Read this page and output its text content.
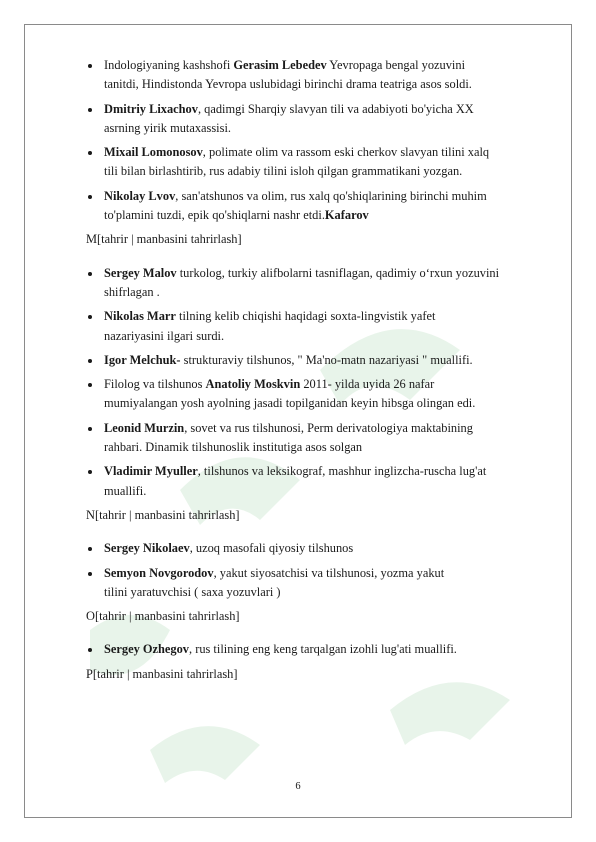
Indologiyaning kashshofi Gerasim Lebedev Yevropaga bengal yozuvini
tanitdi, Hindistonda Yevropa uslubidagi birinchi drama teatriga asos soldi.
Dmitriy Lixachov, qadimgi Sharqiy slavyan tili va adabiyoti bo'yicha XX
asrning yirik mutaxassisi.
Mixail Lomonosov, polimate olim va rassom eski cherkov slavyan tilini xalq
tili bilan birlashtirib, rus adabiy tilini isloh qilgan grammatikani yozgan.
Nikolay Lvov, san'atshunos va olim, rus xalq qo'shiqlarining birinchi muhim
to'plamini tuzdi, epik qo'shiqlarni nashr etdi.Kafarov
M[tahrir | manbasini tahrirlash]
Sergey Malov turkolog, turkiy alifbolarni tasniflagan, qadimiy o‘rxun yozuvini
shifrlagan .
Nikolas Marr tilning kelib chiqishi haqidagi soxta-lingvistik yafet
nazariyasini ilgari surdi.
Igor Melchuk- strukturaviy tilshunos, " Ma'no-matn nazariyasi " muallifi.
Filolog va tilshunos Anatoliy Moskvin 2011- yilda uyida 26 nafar
mumiyalangan yosh ayolning jasadi topilganidan keyin hibsga olingan edi.
Leonid Murzin, sovet va rus tilshunosi, Perm derivatologiya maktabining
rahbari. Dinamik tilshunoslik institutiga asos solgan
Vladimir Myuller, tilshunos va leksikograf, mashhur inglizcha-ruscha lug'at
muallifi.
N[tahrir | manbasini tahrirlash]
Sergey Nikolaev, uzoq masofali qiyosiy tilshunos
Semyon Novgorodov, yakut siyosatchisi va tilshunosi, yozma yakut
tilini yaratuvchisi ( saxa yozuvlari )
O[tahrir | manbasini tahrirlash]
Sergey Ozhegov, rus tilining eng keng tarqalgan izohli lug'ati muallifi.
P[tahrir | manbasini tahrirlash]
6
